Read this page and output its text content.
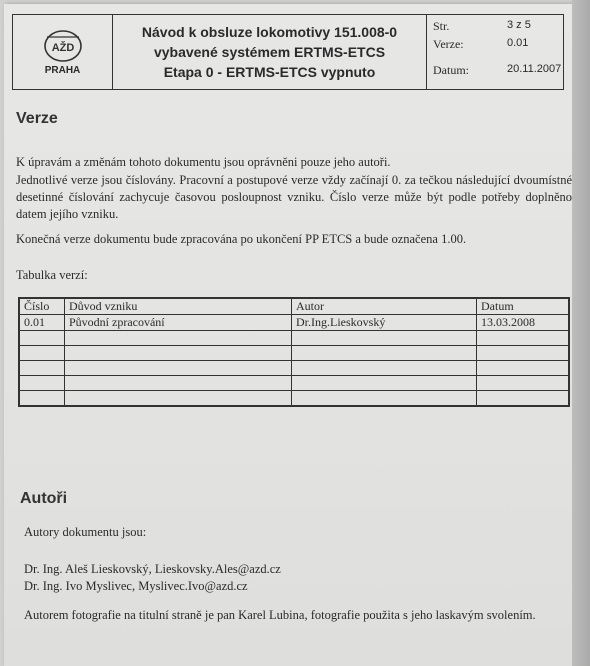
AŽD
PRAHA
Návod k obsluze lokomotivy 151.008-0
vybavené systémem ERTMS-ETCS
Etapa 0 - ERTMS-ETCS vypnuto
Str.	3 z 5
Verze:	0.01
Datum:	20.11.2007
Verze

K úpravám a změnám tohoto dokumentu jsou oprávněni pouze jeho autoři.

Jednotlivé verze jsou číslovány. Pracovní a postupové verze vždy začínají 0. za tečkou následující dvoumístné desetinné číslování zachycuje časovou posloupnost vzniku. Číslo verze může být podle potřeby doplněno datem jejího vzniku.

Konečná verze dokumentu bude zpracována po ukončení PP ETCS a bude označena 1.00.

Tabulka verzí:

Číslo	Důvod vzniku	Autor	Datum
0.01	Původní zpracování	Dr.Ing.Lieskovský	13.03.2008

Autoři

Autory dokumentu jsou:

Dr. Ing. Aleš Lieskovský, Lieskovsky.Ales@azd.cz

Dr. Ing. Ivo Myslivec, Myslivec.Ivo@azd.cz

Autorem fotografie na titulní straně je pan Karel Lubina, fotografie použita s jeho laskavým svolením.
